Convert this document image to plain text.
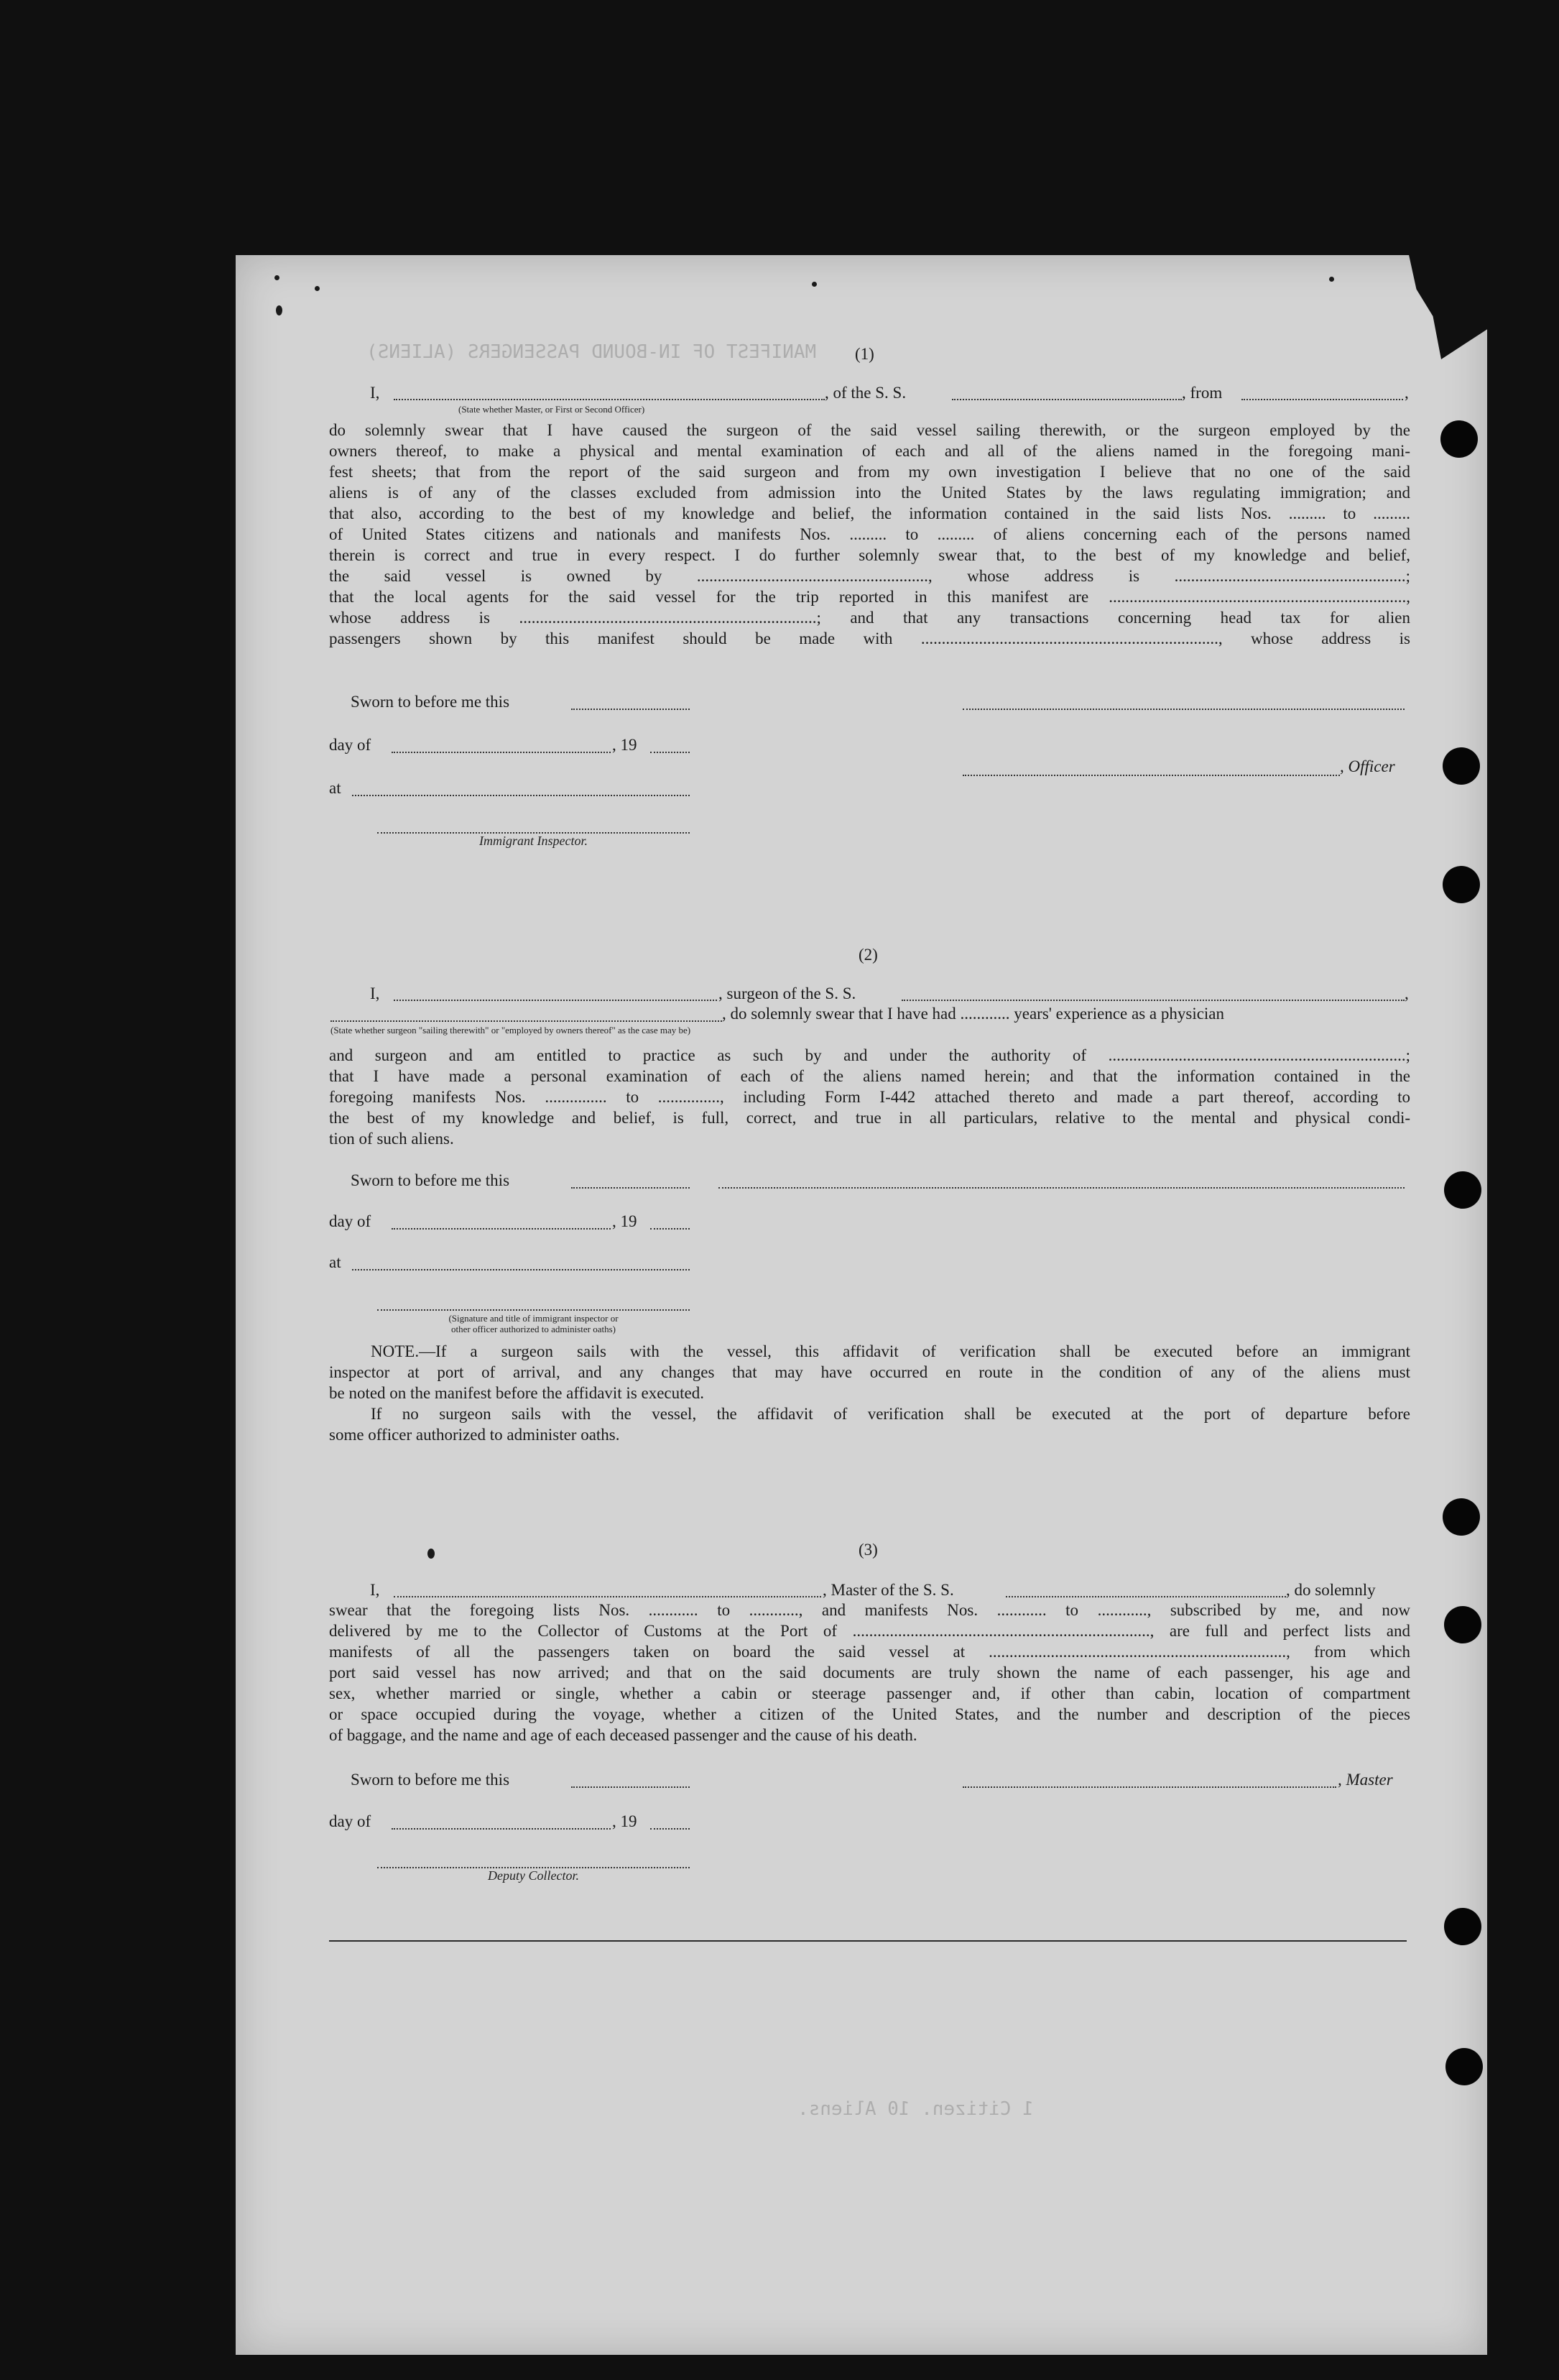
MANIFEST OF IN-BOUND PASSENGERS (ALIENS)
1 Citizen. 10 Aliens.
(1)
I,	, of the S. S.	, from	,
(State whether Master, or First or Second Officer)
do solemnly swear that I have caused the surgeon of the said vessel sailing therewith, or the surgeon employed by the
owners thereof, to make a physical and mental examination of each and all of the aliens named in the foregoing mani-
fest sheets; that from the report of the said surgeon and from my own investigation I believe that no one of the said
aliens is of any of the classes excluded from admission into the United States by the laws regulating immigration; and
that also, according to the best of my knowledge and belief, the information contained in the said lists Nos. ......... to .........
of United States citizens and nationals and manifests Nos. ......... to ......... of aliens concerning each of the persons named
therein is correct and true in every respect. I do further solemnly swear that, to the best of my knowledge and belief,
the said vessel is owned by ........................................................, whose address is ........................................................;
that the local agents for the said vessel for the trip reported in this manifest are ........................................................................,
whose address is ........................................................................; and that any transactions concerning head tax for alien
passengers shown by this manifest should be made with ........................................................................, whose address is
Sworn to before me this
day of	, 19
, Officer
at
Immigrant Inspector.
(2)
I,	, surgeon of the S. S.	,
, do solemnly swear that I have had ............ years' experience as a physician
(State whether surgeon "sailing therewith" or "employed by owners thereof" as the case may be)
and surgeon and am entitled to practice as such by and under the authority of ........................................................................;
that I have made a personal examination of each of the aliens named herein; and that the information contained in the
foregoing manifests Nos. ............... to ..............., including Form I-442 attached thereto and made a part thereof, according to
the best of my knowledge and belief, is full, correct, and true in all particulars, relative to the mental and physical condi-
tion of such aliens.
Sworn to before me this
day of	, 19
at
(Signature and title of immigrant inspector or
other officer authorized to administer oaths)
NOTE.—If a surgeon sails with the vessel, this affidavit of verification shall be executed before an immigrant
inspector at port of arrival, and any changes that may have occurred en route in the condition of any of the aliens must
be noted on the manifest before the affidavit is executed.
If no surgeon sails with the vessel, the affidavit of verification shall be executed at the port of departure before
some officer authorized to administer oaths.
(3)
I,	, Master of the S. S.	, do solemnly
swear that the foregoing lists Nos. ............ to ............, and manifests Nos. ............ to ............, subscribed by me, and now
delivered by me to the Collector of Customs at the Port of ........................................................................, are full and perfect lists and
manifests of all the passengers taken on board the said vessel at ........................................................................, from which
port said vessel has now arrived; and that on the said documents are truly shown the name of each passenger, his age and
sex, whether married or single, whether a cabin or steerage passenger and, if other than cabin, location of compartment
or space occupied during the voyage, whether a citizen of the United States, and the number and description of the pieces
of baggage, and the name and age of each deceased passenger and the cause of his death.
Sworn to before me this	, Master
day of	, 19
Deputy Collector.
